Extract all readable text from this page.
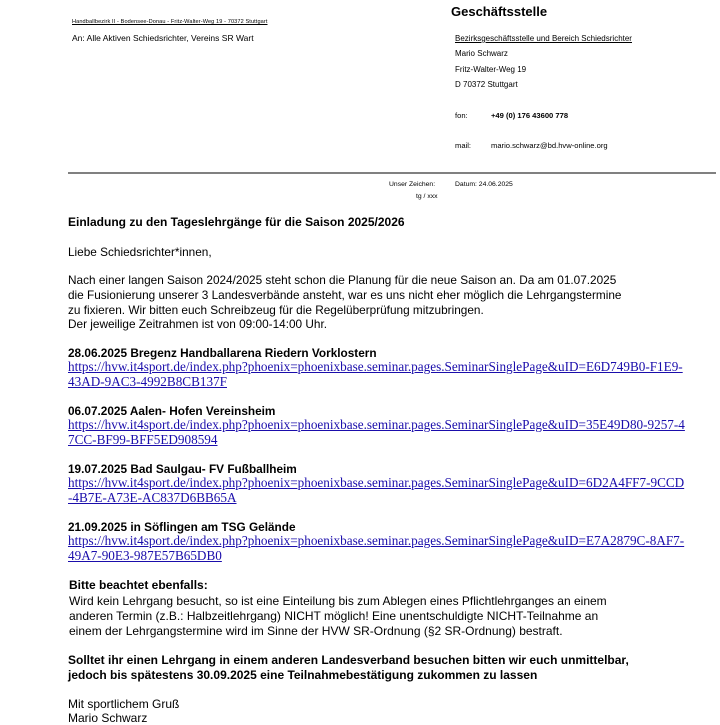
Handballbezirk II - Bodensee-Donau - Fritz-Walter-Weg 19 - 70372 Stuttgart
An: Alle Aktiven Schiedsrichter, Vereins SR Wart
Geschäftsstelle
Bezirksgeschäftsstelle und Bereich Schiedsrichter
Mario Schwarz
Fritz-Walter-Weg 19
D 70372 Stuttgart
fon:	+49 (0) 176 43600 778
mail:	mario.schwarz@bd.hvw-online.org
Unser Zeichen:
tg / xxx
Datum: 24.06.2025
Einladung zu den Tageslehrgänge für die Saison 2025/2026
Liebe Schiedsrichter*innen,
Nach einer langen Saison 2024/2025 steht schon die Planung für die neue Saison an. Da am 01.07.2025
die Fusionierung unserer 3 Landesverbände ansteht, war es uns nicht eher möglich die Lehrgangstermine
zu fixieren. Wir bitten euch Schreibzeug für die Regelüberprüfung mitzubringen.
Der jeweilige Zeitrahmen ist von 09:00-14:00 Uhr.
28.06.2025 Bregenz Handballarena Riedern Vorklostern
https://hvw.it4sport.de/index.php?phoenix=phoenixbase.seminar.pages.SeminarSinglePage&uID=E6D749B0-F1E9-43AD-9AC3-4992B8CB137F
06.07.2025 Aalen- Hofen Vereinsheim
https://hvw.it4sport.de/index.php?phoenix=phoenixbase.seminar.pages.SeminarSinglePage&uID=35E49D80-9257-47CC-BF99-BFF5ED908594
19.07.2025 Bad Saulgau- FV Fußballheim
https://hvw.it4sport.de/index.php?phoenix=phoenixbase.seminar.pages.SeminarSinglePage&uID=6D2A4FF7-9CCD-4B7E-A73E-AC837D6BB65A
21.09.2025 in Söflingen am TSG Gelände
https://hvw.it4sport.de/index.php?phoenix=phoenixbase.seminar.pages.SeminarSinglePage&uID=E7A2879C-8AF7-49A7-90E3-987E57B65DB0
Bitte beachtet ebenfalls:
Wird kein Lehrgang besucht, so ist eine Einteilung bis zum Ablegen eines Pflichtlehrganges an einem
anderen Termin (z.B.: Halbzeitlehrgang) NICHT möglich! Eine unentschuldigte NICHT-Teilnahme an
einem der Lehrgangstermine wird im Sinne der HVW SR-Ordnung (§2 SR-Ordnung) bestraft.
Solltet ihr einen Lehrgang in einem anderen Landesverband besuchen bitten wir euch unmittelbar,
jedoch bis spätestens 30.09.2025 eine Teilnahmebestätigung zukommen zu lassen
Mit sportlichem Gruß
Mario Schwarz
